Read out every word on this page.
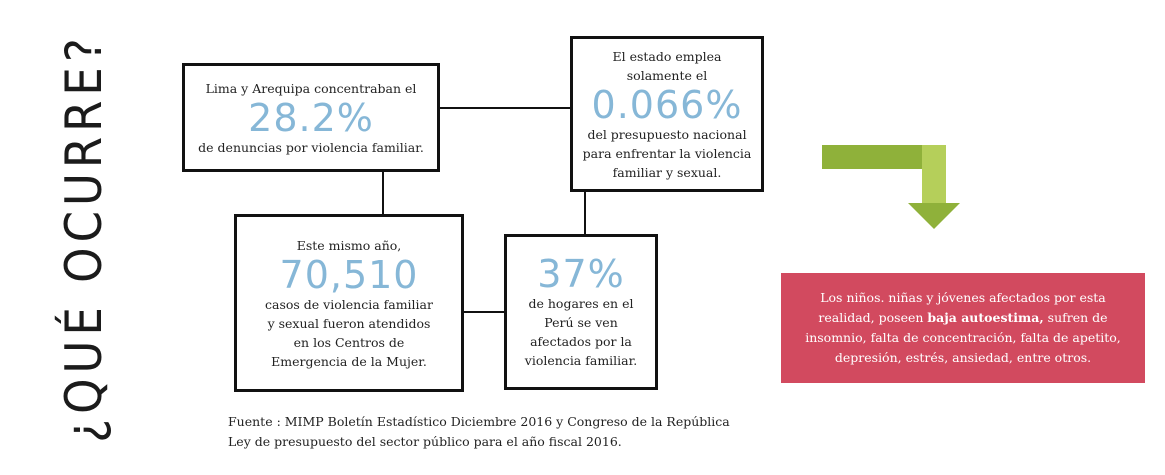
¿QUÉ OCURRE?	Lima y Arequipa concentraban el
28.2%
de denuncias por violencia familiar.
El estado emplea
solamente el
0.066%
del presupuesto nacional
para enfrentar la violencia
familiar y sexual.
Este mismo año,
70,510
casos de violencia familiar
y sexual fueron atendidos
en los Centros de
Emergencia de la Mujer.
37%
de hogares en el
Perú se ven
afectados por la
violencia familiar.
Los niños. niñas y jóvenes afectados por esta realidad, poseen baja autoestima, sufren de insomnio, falta de concentración, falta de apetito, depresión, estrés, ansiedad, entre otros.
Fuente : MIMP Boletín Estadístico Diciembre 2016 y Congreso de la República
Ley de presupuesto del sector público para el año fiscal 2016.
